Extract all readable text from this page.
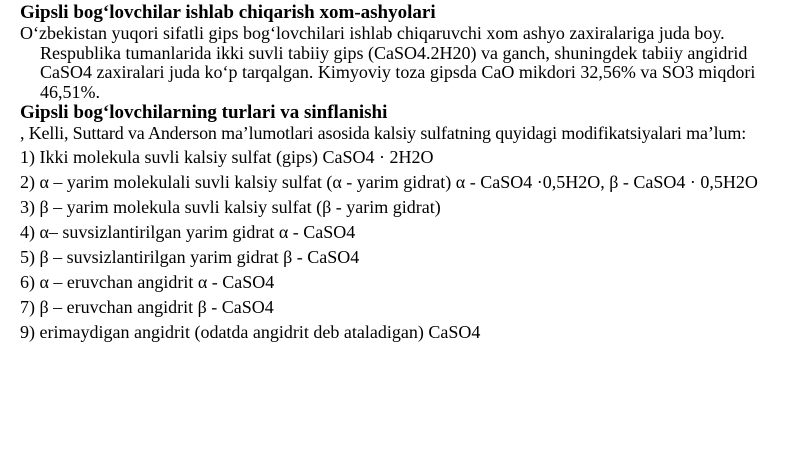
Gipsli bog‘lovchilar ishlab chiqarish xom-ashyolari

O‘zbekistan yuqori sifatli gips bog‘lovchilari ishlab chiqaruvchi xom ashyo zaxiralariga juda boy. Respublika tumanlarida ikki suvli tabiiy gips (CaSO4.2H20) va ganch, shuningdek tabiiy angidrid CaSO4 zaxiralari juda ko‘p tarqalgan. Kimyoviy toza gipsda CaO mikdori 32,56% va SO3 miqdori 46,51%.

Gipsli bog‘lovchilarning turlari va sinflanishi

, Kelli, Suttard va Anderson ma’lumotlari asosida kalsiy sulfatning quyidagi modifikatsiyalari ma’lum:

1) Ikki molekula suvli kalsiy sulfat (gips) CaSO4 · 2H2O
2) α – yarim molekulali suvli kalsiy sulfat (α - yarim gidrat) α - CaSO4 ·0,5H2O, β - CaSO4 · 0,5H2O
3) β – yarim molekula suvli kalsiy sulfat (β - yarim gidrat)
4) α– suvsizlantirilgan yarim gidrat α - CaSO4
5) β – suvsizlantirilgan yarim gidrat β - CaSO4
6) α – eruvchan angidrit α - CaSO4
7) β – eruvchan angidrit β - CaSO4
9) erimaydigan angidrit (odatda angidrit deb ataladigan) CaSO4
